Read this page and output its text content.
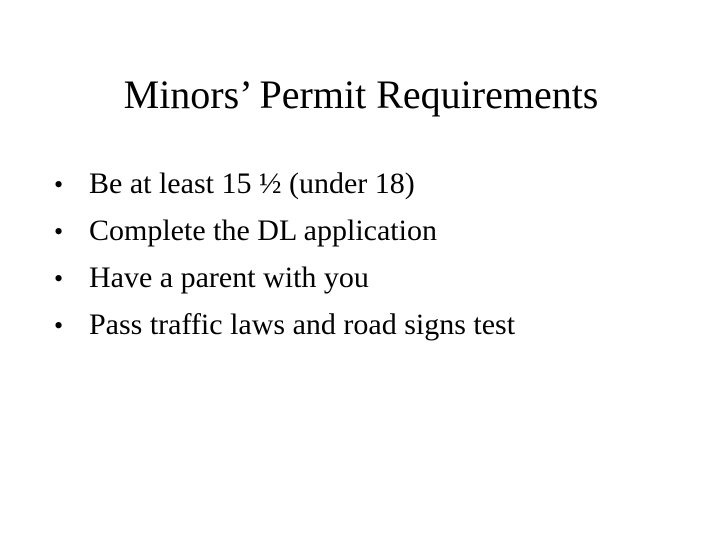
Minors’ Permit Requirements
• Be at least 15 ½ (under 18)
• Complete the DL application
• Have a parent with you
• Pass traffic laws and road signs test
